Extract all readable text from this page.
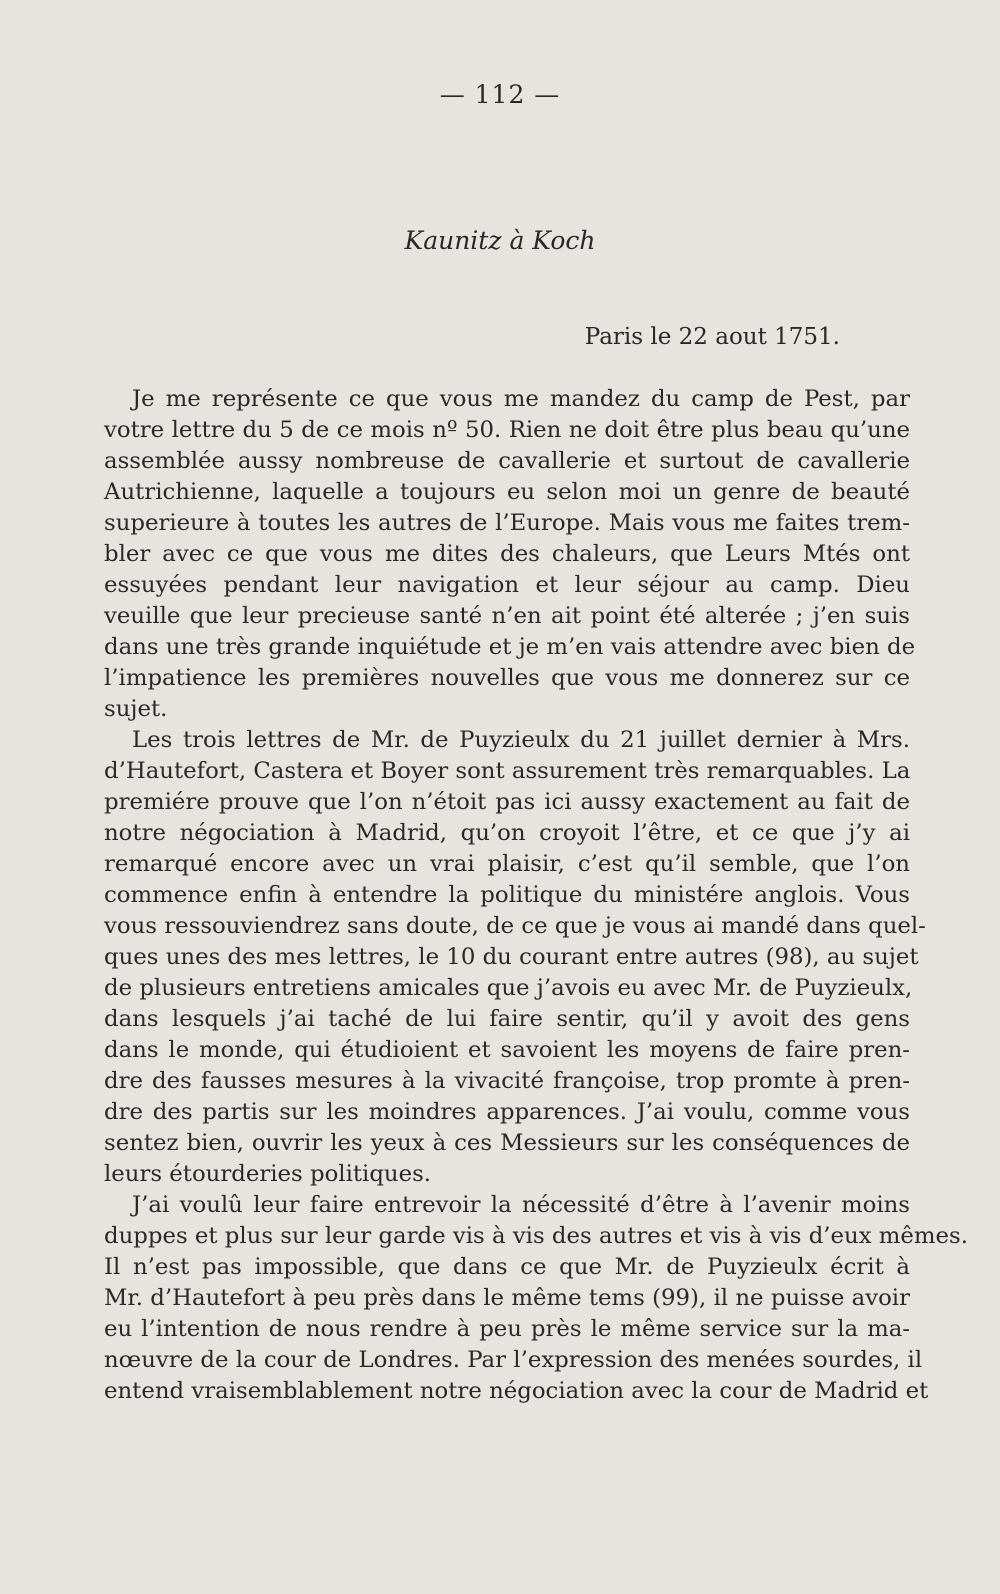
— 112 —
Kaunitz à Koch
Paris le 22 aout 1751.
Je me représente ce que vous me mandez du camp de Pest, par
votre lettre du 5 de ce mois nº 50. Rien ne doit être plus beau qu’une
assemblée aussy nombreuse de cavallerie et surtout de cavallerie
Autrichienne, laquelle a toujours eu selon moi un genre de beauté
superieure à toutes les autres de l’Europe. Mais vous me faites trem-
bler avec ce que vous me dites des chaleurs, que Leurs Mtés ont
essuyées pendant leur navigation et leur séjour au camp. Dieu
veuille que leur precieuse santé n’en ait point été alterée ; j’en suis
dans une très grande inquiétude et je m’en vais attendre avec bien de
l’impatience les premières nouvelles que vous me donnerez sur ce
sujet.
Les trois lettres de Mr. de Puyzieulx du 21 juillet dernier à Mrs.
d’Hautefort, Castera et Boyer sont assurement très remarquables. La
premiére prouve que l’on n’étoit pas ici aussy exactement au fait de
notre négociation à Madrid, qu’on croyoit l’être, et ce que j’y ai
remarqué encore avec un vrai plaisir, c’est qu’il semble, que l’on
commence enfin à entendre la politique du ministére anglois. Vous
vous ressouviendrez sans doute, de ce que je vous ai mandé dans quel-
ques unes des mes lettres, le 10 du courant entre autres (98), au sujet
de plusieurs entretiens amicales que j’avois eu avec Mr. de Puyzieulx,
dans lesquels j’ai taché de lui faire sentir, qu’il y avoit des gens
dans le monde, qui étudioient et savoient les moyens de faire pren-
dre des fausses mesures à la vivacité françoise, trop promte à pren-
dre des partis sur les moindres apparences. J’ai voulu, comme vous
sentez bien, ouvrir les yeux à ces Messieurs sur les conséquences de
leurs étourderies politiques.
J’ai voulû leur faire entrevoir la nécessité d’être à l’avenir moins
duppes et plus sur leur garde vis à vis des autres et vis à vis d’eux mêmes.
Il n’est pas impossible, que dans ce que Mr. de Puyzieulx écrit à
Mr. d’Hautefort à peu près dans le même tems (99), il ne puisse avoir
eu l’intention de nous rendre à peu près le même service sur la ma-
nœuvre de la cour de Londres. Par l’expression des menées sourdes, il
entend vraisemblablement notre négociation avec la cour de Madrid et
